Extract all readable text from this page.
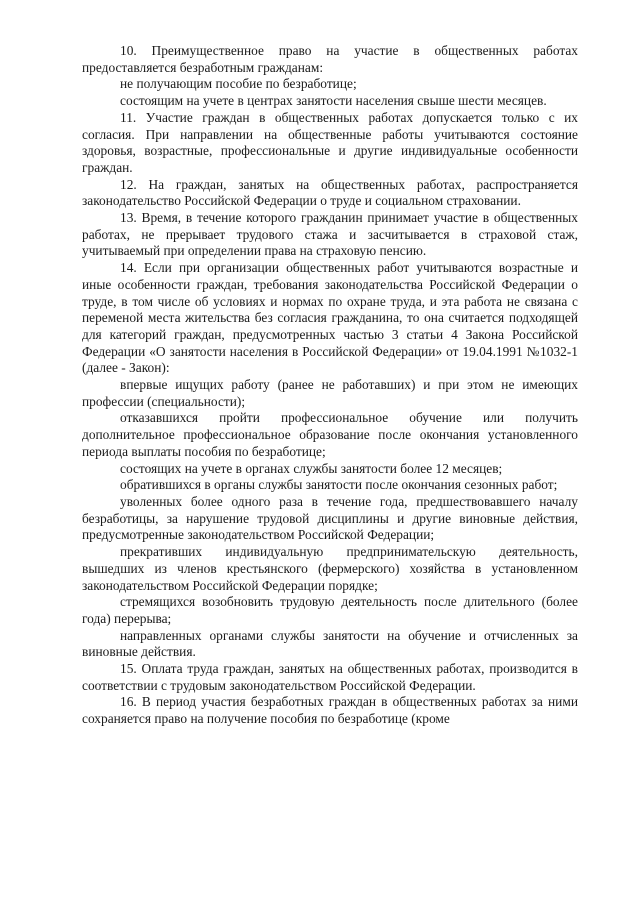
10. Преимущественное право на участие в общественных работах предоставляется безработным гражданам:

не получающим пособие по безработице;

состоящим на учете в центрах занятости населения свыше шести месяцев.

11. Участие граждан в общественных работах допускается только с их согласия. При направлении на общественные работы учитываются состояние здоровья, возрастные, профессиональные и другие индивидуальные особенности граждан.

12. На граждан, занятых на общественных работах, распространяется законодательство Российской Федерации о труде и социальном страховании.

13. Время, в течение которого гражданин принимает участие в общественных работах, не прерывает трудового стажа и засчитывается в страховой стаж, учитываемый при определении права на страховую пенсию.

14. Если при организации общественных работ учитываются возрастные и иные особенности граждан, требования законодательства Российской Федерации о труде, в том числе об условиях и нормах по охране труда, и эта работа не связана с переменой места жительства без согласия гражданина, то она считается подходящей для категорий граждан, предусмотренных частью 3 статьи 4 Закона Российской Федерации «О занятости населения в Российской Федерации» от 19.04.1991 №1032-1 (далее - Закон):

впервые ищущих работу (ранее не работавших) и при этом не имеющих профессии (специальности);

отказавшихся пройти профессиональное обучение или получить дополнительное профессиональное образование после окончания установленного периода выплаты пособия по безработице;

состоящих на учете в органах службы занятости более 12 месяцев;

обратившихся в органы службы занятости после окончания сезонных работ;

уволенных более одного раза в течение года, предшествовавшего началу безработицы, за нарушение трудовой дисциплины и другие виновные действия, предусмотренные законодательством Российской Федерации;

прекративших индивидуальную предпринимательскую деятельность, вышедших из членов крестьянского (фермерского) хозяйства в установленном законодательством Российской Федерации порядке;

стремящихся возобновить трудовую деятельность после длительного (более года) перерыва;

направленных органами службы занятости на обучение и отчисленных за виновные действия.

15. Оплата труда граждан, занятых на общественных работах, производится в соответствии с трудовым законодательством Российской Федерации.

16. В период участия безработных граждан в общественных работах за ними сохраняется право на получение пособия по безработице (кроме
